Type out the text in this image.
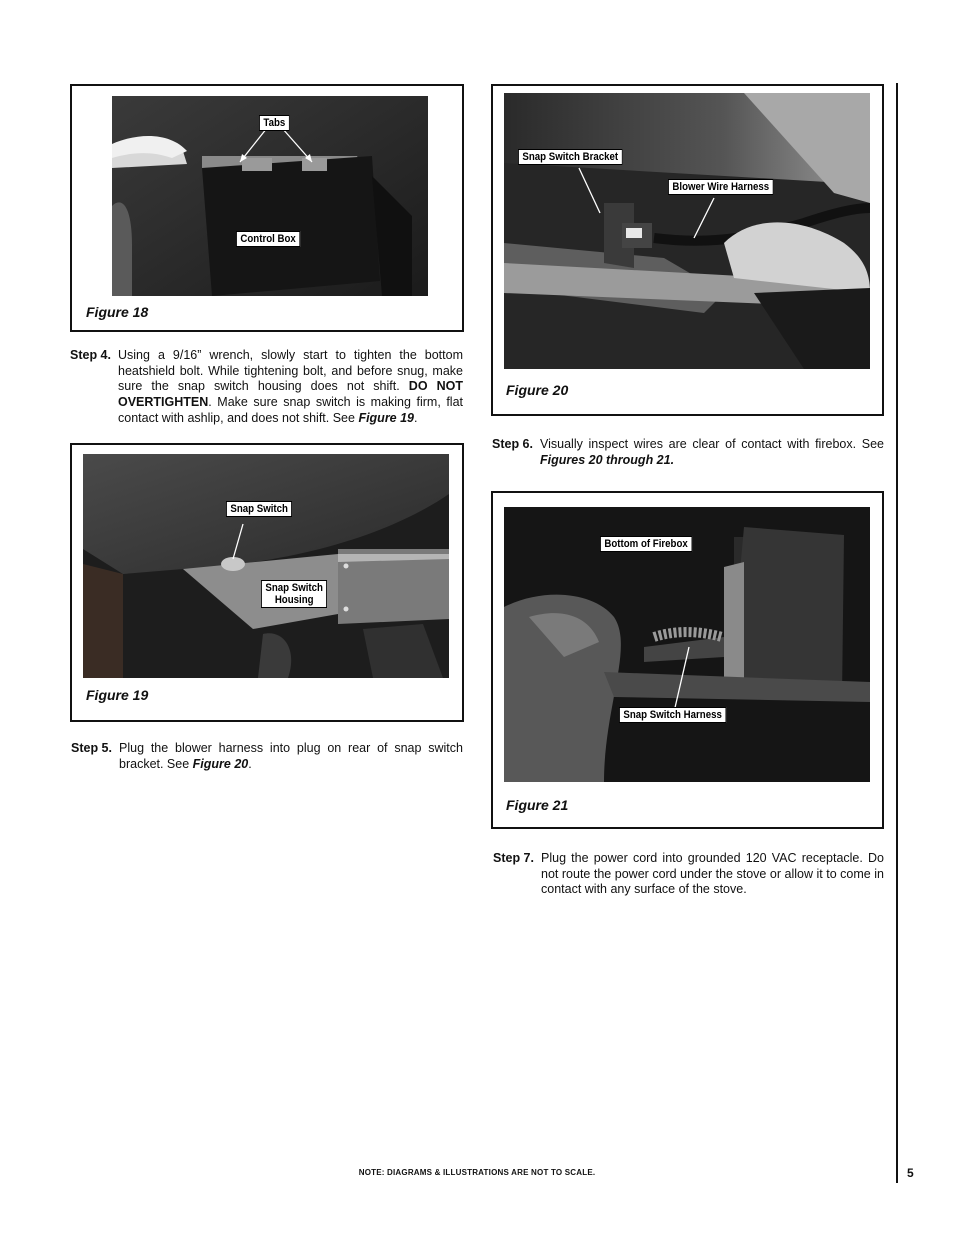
Tabs
Control Box
Figure 18
Step 4. Using a 9/16” wrench, slowly start to tighten the bottom heatshield bolt. While tightening bolt, and before snug, make sure the snap switch housing does not shift. DO NOT OVERTIGHTEN. Make sure snap switch is making firm, flat contact with ashlip, and does not shift. See Figure 19.
Snap Switch
Snap Switch
Housing
Figure 19
Step 5. Plug the blower harness into plug on rear of snap switch bracket. See Figure 20.
Snap Switch Bracket
Blower Wire Harness
Figure 20
Step 6. Visually inspect wires are clear of contact with firebox. See Figures 20 through 21.
Bottom of Firebox
Snap Switch Harness
Figure 21
Step 7. Plug the power cord into grounded 120 VAC receptacle. Do not route the power cord under the stove or allow it to come in contact with any surface of the stove.
NOTE: DIAGRAMS & ILLUSTRATIONS ARE NOT TO SCALE.	5
